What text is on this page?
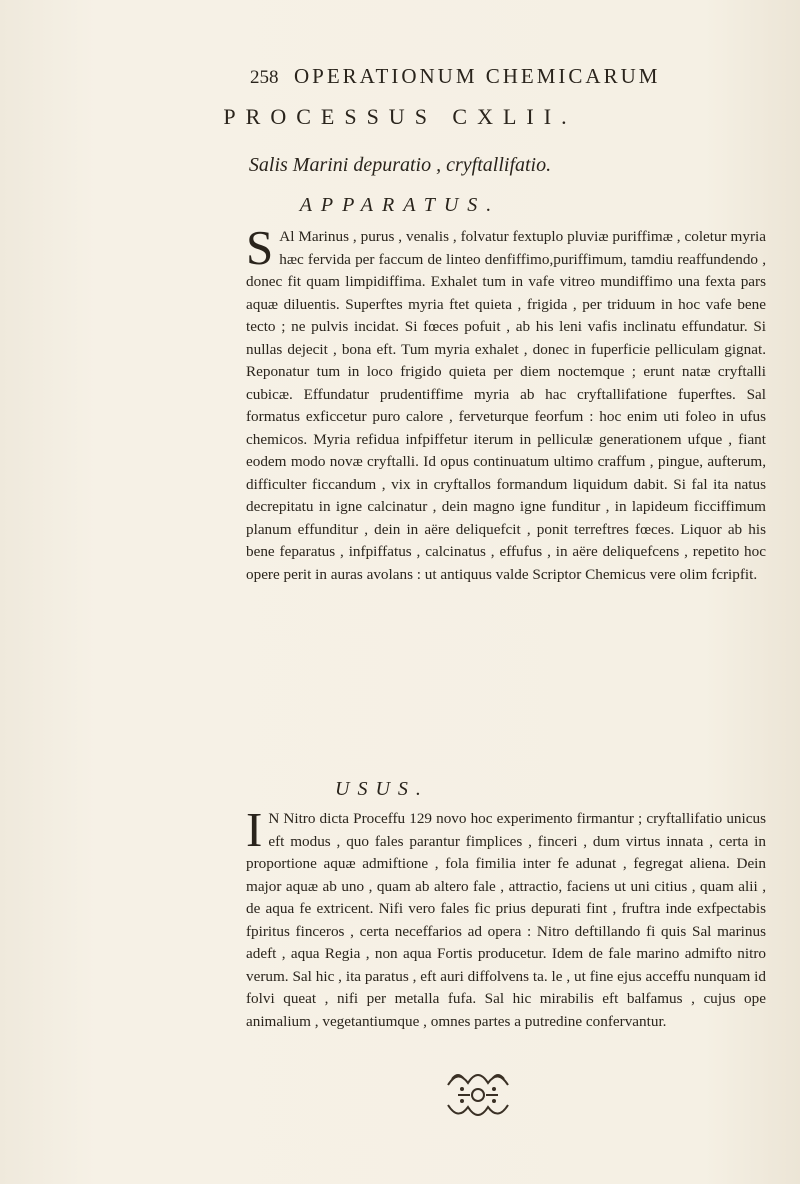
258 OPERATIONUM CHEMICARUM
PROCESSUS CXLII.
Salis Marini depuratio , cryftallifatio.
APPARATUS.
S Al Marinus , purus , venalis , folvatur fextuplo pluviæ puriffimæ , coletur myria hæc fervida per faccum de linteo denfiffimo,puriffimum, tamdiu reaffundendo , donec fit quam limpidiffima. Exhalet tum in vafe vitreo mundiffimo una fexta pars aquæ diluentis. Superftes myria ftet quieta , frigida , per triduum in hoc vafe bene tecto ; ne pulvis incidat. Si fœces pofuit , ab his leni vafis inclinatu effundatur. Si nullas dejecit , bona eft. Tum myria exhalet , donec in fuperficie pelliculam gignat. Reponatur tum in loco frigido quieta per diem noctemque ; erunt natæ cryftalli cubicæ. Effundatur prudentiffime myria ab hac cryftallifatione fuperftes. Sal formatus exficcetur puro calore , ferveturque feorfum : hoc enim uti foleo in ufus chemicos. Myria refidua infpiffetur iterum in pelliculæ generationem ufque , fiant eodem modo novæ cryftalli. Id opus continuatum ultimo craffum , pingue, aufterum, difficulter ficcandum , vix in cryftallos formandum liquidum dabit. Si fal ita natus decrepitatu in igne calcinatur , dein magno igne funditur , in lapideum ficciffimum planum effunditur , dein in aëre deliquefcit , ponit terreftres fœces. Liquor ab his bene feparatus , infpiffatus , calcinatus , effufus , in aëre deliquefcens , repetito hoc opere perit in auras avolans : ut antiquus valde Scriptor Chemicus vere olim fcripfit.
USUS.
I N Nitro dicta Proceffu 129 novo hoc experimento firmantur ; cryftallifatio unicus eft modus , quo fales parantur fimplices , finceri , dum virtus innata , certa in proportione aquæ admiftione , fola fimilia inter fe adunat , fegregat aliena. Dein major aquæ ab uno , quam ab altero fale , attractio, faciens ut uni citius , quam alii , de aqua fe extricent. Nifi vero fales fic prius depurati fint , fruftra inde exfpectabis fpiritus finceros , certa neceffarios ad opera : Nitro deftillando fi quis Sal marinus adeft , aqua Regia , non aqua Fortis producetur. Idem de fale marino admifto nitro verum. Sal hic , ita paratus , eft auri diffolvens ta. le , ut fine ejus acceffu nunquam id folvi queat , nifi per metalla fufa. Sal hic mirabilis eft balfamus , cujus ope animalium , vegetantiumque , omnes partes a putredine confervantur.
